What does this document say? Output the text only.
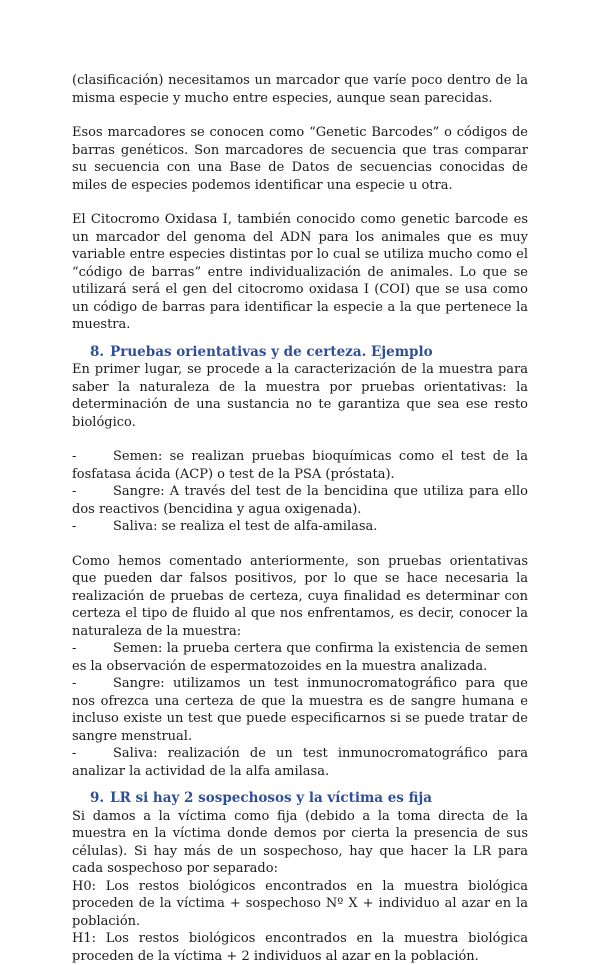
(clasificación) necesitamos un marcador que varíe poco dentro de la misma especie y mucho entre especies, aunque sean parecidas.

Esos marcadores se conocen como “Genetic Barcodes” o códigos de barras genéticos. Son marcadores de secuencia que tras comparar su secuencia con una Base de Datos de secuencias conocidas de miles de especies podemos identificar una especie u otra.

El Citocromo Oxidasa I, también conocido como genetic barcode es un marcador del genoma del ADN para los animales que es muy variable entre especies distintas por lo cual se utiliza mucho como el “código de barras” entre individualización de animales. Lo que se utilizará será el gen del citocromo oxidasa I (COI) que se usa como un código de barras para identificar la especie a la que pertenece la muestra.

8. Pruebas orientativas y de certeza. Ejemplo

En primer lugar, se procede a la caracterización de la muestra para saber la naturaleza de la muestra por pruebas orientativas: la determinación de una sustancia no te garantiza que sea ese resto biológico.

-	Semen: se realizan pruebas bioquímicas como el test de la fosfatasa ácida (ACP) o test de la PSA (próstata).

-	Sangre: A través del test de la bencidina que utiliza para ello dos reactivos (bencidina y agua oxigenada).

-	Saliva: se realiza el test de alfa-amilasa.

Como hemos comentado anteriormente, son pruebas orientativas que pueden dar falsos positivos, por lo que se hace necesaria la realización de pruebas de certeza, cuya finalidad es determinar con certeza el tipo de fluido al que nos enfrentamos, es decir, conocer la naturaleza de la muestra:

-	Semen: la prueba certera que confirma la existencia de semen es la observación de espermatozoides en la muestra analizada.

-	Sangre: utilizamos un test inmunocromatográfico para que nos ofrezca una certeza de que la muestra es de sangre humana e incluso existe un test que puede especificarnos si se puede tratar de sangre menstrual.

-	Saliva: realización de un test inmunocromatográfico para analizar la actividad de la alfa amilasa.

9. LR si hay 2 sospechosos y la víctima es fija

Si damos a la víctima como fija (debido a la toma directa de la muestra en la víctima donde demos por cierta la presencia de sus células). Si hay más de un sospechoso, hay que hacer la LR para cada sospechoso por separado:

H0: Los restos biológicos encontrados en la muestra biológica proceden de la víctima + sospechoso Nº X + individuo al azar en la población.

H1: Los restos biológicos encontrados en la muestra biológica proceden de la víctima + 2 individuos al azar en la población.
